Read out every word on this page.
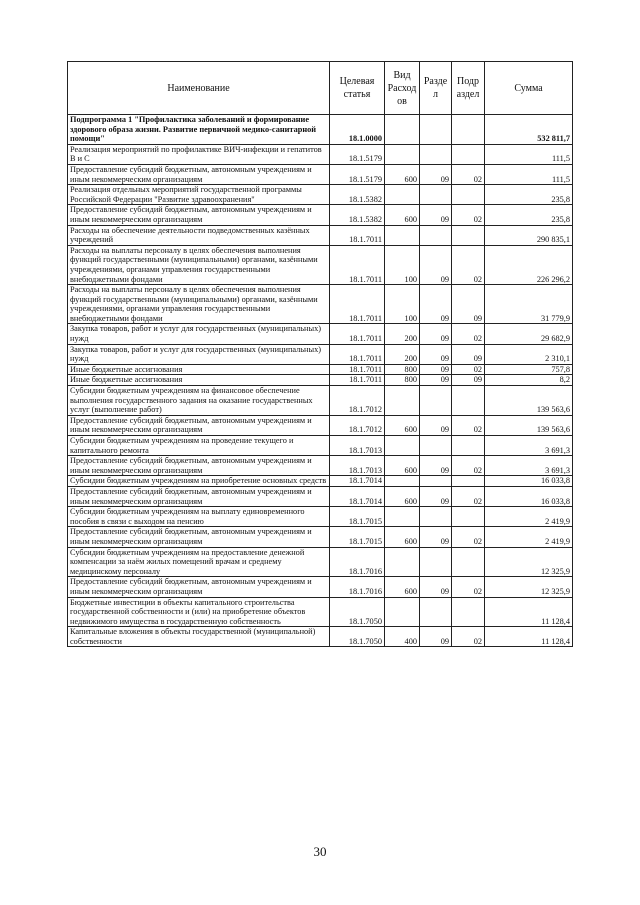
Наименование	Целевая статья	Вид Расход ов	Разде л	Подр аздел	Сумма
Подпрограмма 1 "Профилактика заболеваний и формирование здорового образа жизни. Развитие первичной медико-санитарной помощи"	18.1.0000				532 811,7
Реализация мероприятий по профилактике ВИЧ-инфекции и гепатитов В и С	18.1.5179				111,5
Предоставление субсидий бюджетным, автономным учреждениям и иным некоммерческим организациям	18.1.5179	600	09	02	111,5
Реализация отдельных мероприятий государственной программы Российской Федерации "Развитие здравоохранения"	18.1.5382				235,8
Предоставление субсидий бюджетным, автономным учреждениям и иным некоммерческим организациям	18.1.5382	600	09	02	235,8
Расходы на обеспечение деятельности подведомственных казённых учреждений	18.1.7011				290 835,1
Расходы на выплаты персоналу в целях обеспечения выполнения функций государственными (муниципальными) органами, казёнными учреждениями, органами управления государственными внебюджетными фондами	18.1.7011	100	09	02	226 296,2
Расходы на выплаты персоналу в целях обеспечения выполнения функций государственными (муниципальными) органами, казёнными учреждениями, органами управления государственными внебюджетными фондами	18.1.7011	100	09	09	31 779,9
Закупка товаров, работ и услуг для государственных (муниципальных) нужд	18.1.7011	200	09	02	29 682,9
Закупка товаров, работ и услуг для государственных (муниципальных) нужд	18.1.7011	200	09	09	2 310,1
Иные бюджетные ассигнования	18.1.7011	800	09	02	757,8
Иные бюджетные ассигнования	18.1.7011	800	09	09	8,2
Субсидии бюджетным учреждениям на финансовое обеспечение выполнения государственного задания на оказание государственных услуг (выполнение работ)	18.1.7012				139 563,6
Предоставление субсидий бюджетным, автономным учреждениям и иным некоммерческим организациям	18.1.7012	600	09	02	139 563,6
Субсидии бюджетным учреждениям на проведение текущего и капитального ремонта	18.1.7013				3 691,3
Предоставление субсидий бюджетным, автономным учреждениям и иным некоммерческим организациям	18.1.7013	600	09	02	3 691,3
Субсидии бюджетным учреждениям на приобретение основных средств	18.1.7014				16 033,8
Предоставление субсидий бюджетным, автономным учреждениям и иным некоммерческим организациям	18.1.7014	600	09	02	16 033,8
Субсидии бюджетным учреждениям на выплату единовременного пособия в связи с выходом на пенсию	18.1.7015				2 419,9
Предоставление субсидий бюджетным, автономным учреждениям и иным некоммерческим организациям	18.1.7015	600	09	02	2 419,9
Субсидии бюджетным учреждениям на предоставление денежной компенсации за наём жилых помещений врачам и среднему медицинскому персоналу	18.1.7016				12 325,9
Предоставление субсидий бюджетным, автономным учреждениям и иным некоммерческим организациям	18.1.7016	600	09	02	12 325,9
Бюджетные инвестиции в объекты капитального строительства государственной собственности и (или) на приобретение объектов недвижимого имущества в государственную собственность	18.1.7050				11 128,4
Капитальные вложения в объекты государственной (муниципальной) собственности	18.1.7050	400	09	02	11 128,4
30
